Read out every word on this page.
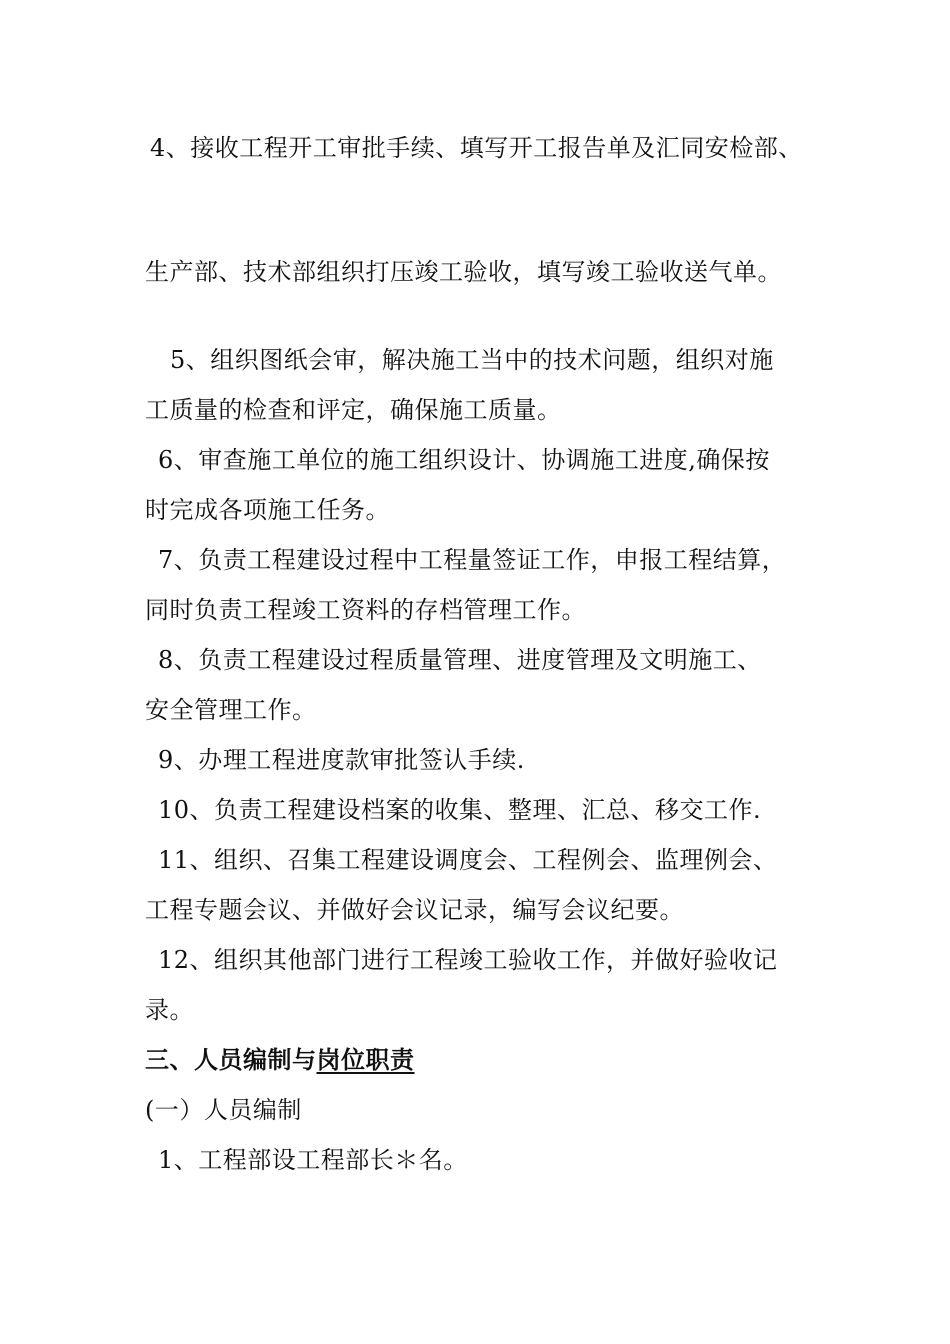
4、接收工程开工审批手续、填写开工报告单及汇同安检部、
生产部、技术部组织打压竣工验收，填写竣工验收送气单。
5、组织图纸会审，解决施工当中的技术问题，组织对施
工质量的检查和评定，确保施工质量。
6、审查施工单位的施工组织设计、协调施工进度,确保按
时完成各项施工任务。
7、负责工程建设过程中工程量签证工作，申报工程结算，
同时负责工程竣工资料的存档管理工作。
8、负责工程建设过程质量管理、进度管理及文明施工、
安全管理工作。
9、办理工程进度款审批签认手续.
10、负责工程建设档案的收集、整理、汇总、移交工作.
11、组织、召集工程建设调度会、工程例会、监理例会、
工程专题会议、并做好会议记录，编写会议纪要。
12、组织其他部门进行工程竣工验收工作，并做好验收记
录。
三、人员编制与岗位职责
(一）人员编制
1、工程部设工程部长＊名。
